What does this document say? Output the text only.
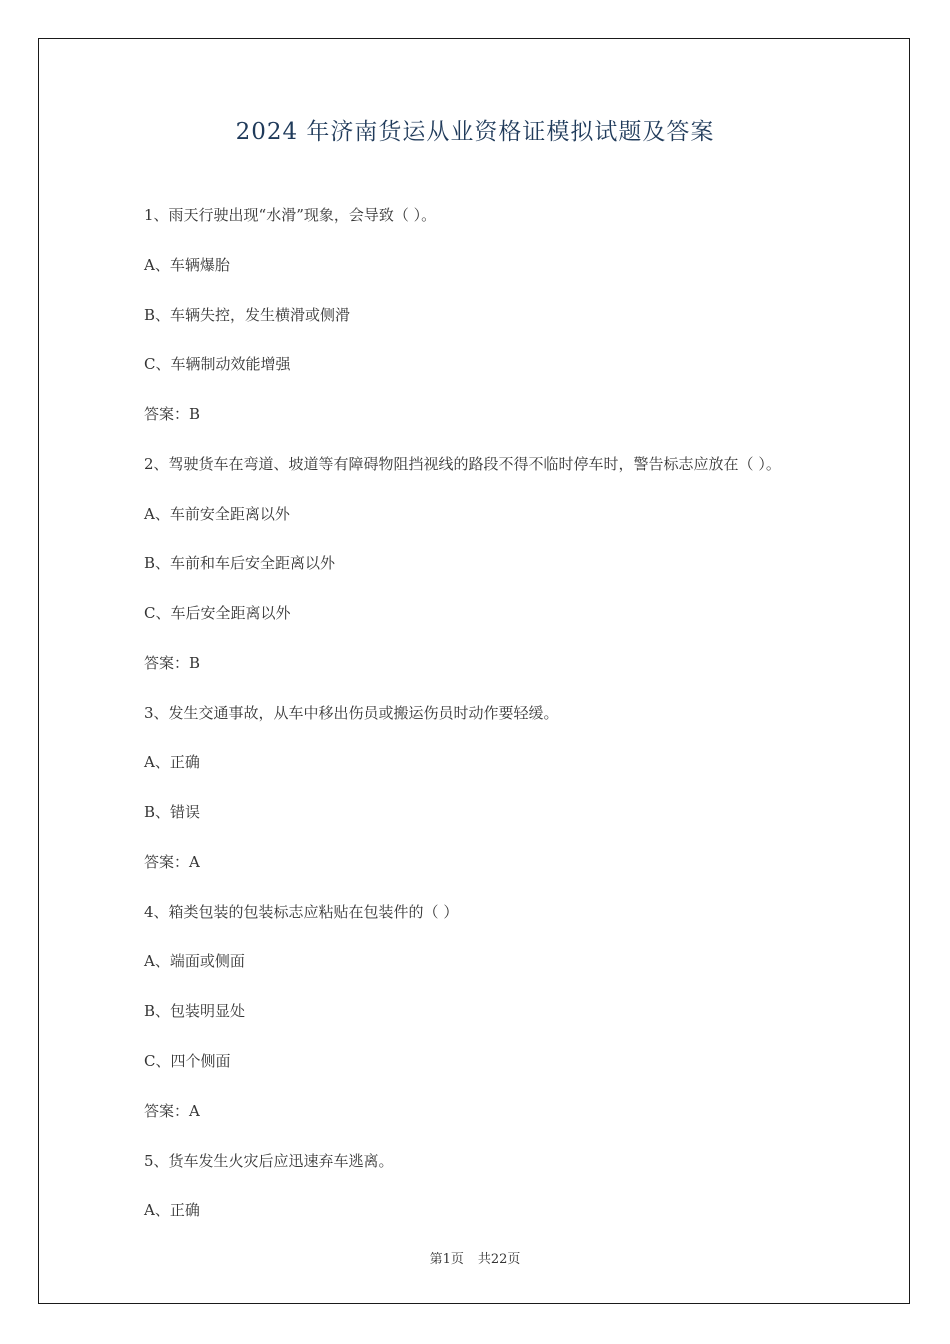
2024 年济南货运从业资格证模拟试题及答案
1、雨天行驶出现“水滑”现象，会导致（ ）。
A、车辆爆胎
B、车辆失控，发生横滑或侧滑
C、车辆制动效能增强
答案：B
2、驾驶货车在弯道、坡道等有障碍物阻挡视线的路段不得不临时停车时，警告标志应放在（ ）。
A、车前安全距离以外
B、车前和车后安全距离以外
C、车后安全距离以外
答案：B
3、发生交通事故，从车中移出伤员或搬运伤员时动作要轻缓。
A、正确
B、错误
答案：A
4、箱类包装的包装标志应粘贴在包装件的（ ）
A、端面或侧面
B、包装明显处
C、四个侧面
答案：A
5、货车发生火灾后应迅速弃车逃离。
A、正确
第1页 共22页
